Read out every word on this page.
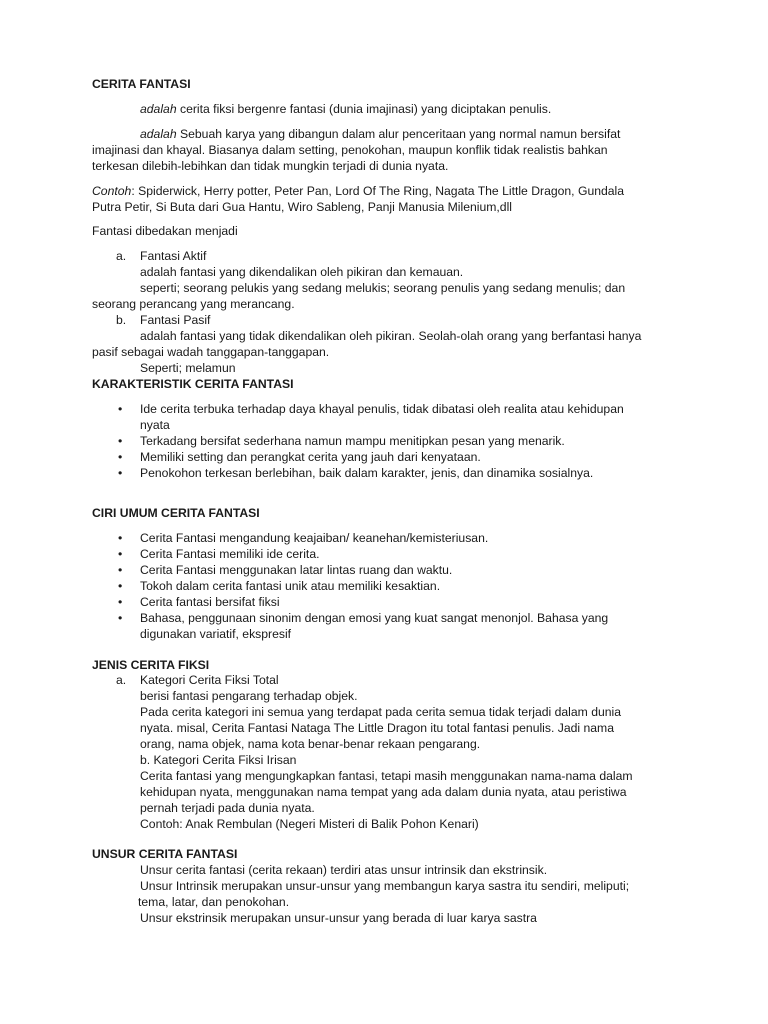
CERITA FANTASI
adalah cerita fiksi bergenre fantasi (dunia imajinasi) yang diciptakan penulis.
adalah Sebuah karya yang dibangun dalam alur penceritaan yang normal namun bersifat
imajinasi dan khayal. Biasanya dalam setting, penokohan, maupun konflik tidak realistis bahkan
terkesan dilebih-lebihkan dan tidak mungkin terjadi di dunia nyata.
Contoh: Spiderwick, Herry potter, Peter Pan, Lord Of The Ring, Nagata The Little Dragon, Gundala
Putra Petir, Si Buta dari Gua Hantu, Wiro Sableng, Panji Manusia Milenium,dll
Fantasi dibedakan menjadi
a. Fantasi Aktif
adalah fantasi yang dikendalikan oleh pikiran dan kemauan.
seperti; seorang pelukis yang sedang melukis; seorang penulis yang sedang menulis; dan
seorang perancang yang merancang.
b. Fantasi Pasif
adalah fantasi yang tidak dikendalikan oleh pikiran. Seolah-olah orang yang berfantasi hanya
pasif sebagai wadah tanggapan-tanggapan.
Seperti; melamun
KARAKTERISTIK CERITA FANTASI
• Ide cerita terbuka terhadap daya khayal penulis, tidak dibatasi oleh realita atau kehidupan
nyata
• Terkadang bersifat sederhana namun mampu menitipkan pesan yang menarik.
• Memiliki setting dan perangkat cerita yang jauh dari kenyataan.
• Penokohon terkesan berlebihan, baik dalam karakter, jenis, dan dinamika sosialnya.
CIRI UMUM CERITA FANTASI
• Cerita Fantasi mengandung keajaiban/ keanehan/kemisteriusan.
• Cerita Fantasi memiliki ide cerita.
• Cerita Fantasi menggunakan latar lintas ruang dan waktu.
• Tokoh dalam cerita fantasi unik atau memiliki kesaktian.
• Cerita fantasi bersifat fiksi
• Bahasa, penggunaan sinonim dengan emosi yang kuat sangat menonjol. Bahasa yang
digunakan variatif, ekspresif
JENIS CERITA FIKSI
a. Kategori Cerita Fiksi Total
berisi fantasi pengarang terhadap objek.
Pada cerita kategori ini semua yang terdapat pada cerita semua tidak terjadi dalam dunia
nyata. misal, Cerita Fantasi Nataga The Little Dragon itu total fantasi penulis. Jadi nama
orang, nama objek, nama kota benar-benar rekaan pengarang.
b. Kategori Cerita Fiksi Irisan
Cerita fantasi yang mengungkapkan fantasi, tetapi masih menggunakan nama-nama dalam
kehidupan nyata, menggunakan nama tempat yang ada dalam dunia nyata, atau peristiwa
pernah terjadi pada dunia nyata.
Contoh: Anak Rembulan (Negeri Misteri di Balik Pohon Kenari)
UNSUR CERITA FANTASI
Unsur cerita fantasi (cerita rekaan) terdiri atas unsur intrinsik dan ekstrinsik.
Unsur Intrinsik merupakan unsur-unsur yang membangun karya sastra itu sendiri, meliputi;
tema, latar, dan penokohan.
Unsur ekstrinsik merupakan unsur-unsur yang berada di luar karya sastra
